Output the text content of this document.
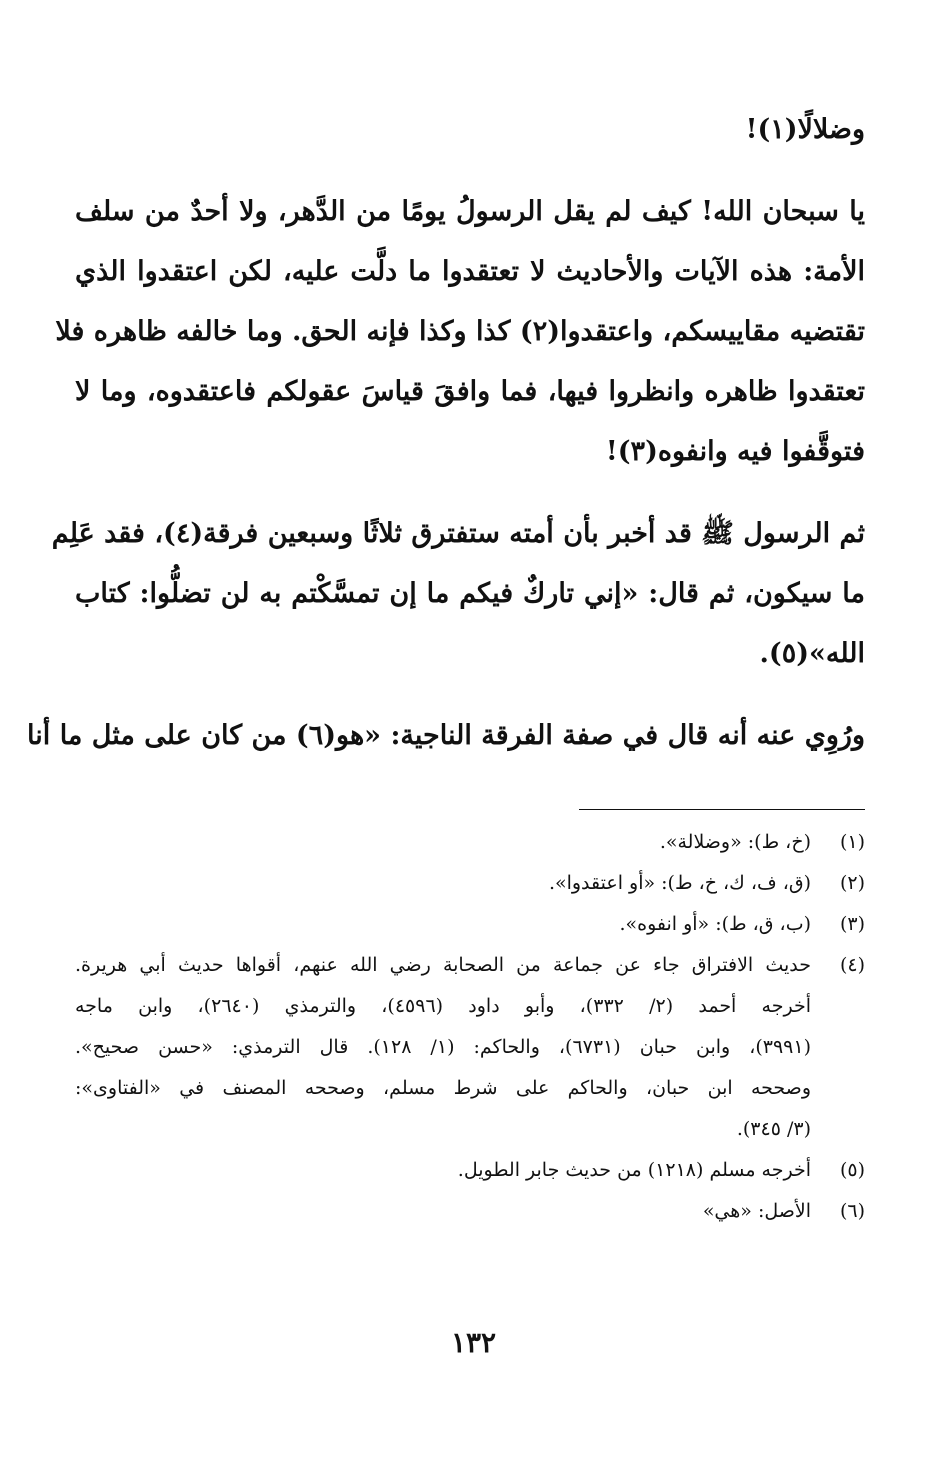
وضلالًا(١)!
يا سبحان الله! كيف لم يقل الرسولُ يومًا من الدَّهر، ولا أحدٌ من سلف
الأمة: هذه الآيات والأحاديث لا تعتقدوا ما دلَّت عليه، لكن اعتقدوا الذي
تقتضيه مقاييسكم، واعتقدوا(٢) كذا وكذا فإنه الحق. وما خالفه ظاهره فلا
تعتقدوا ظاهره وانظروا فيها، فما وافقَ قياسَ عقولكم فاعتقدوه، وما لا
فتوقَّفوا فيه وانفوه(٣)!
ثم الرسول ﷺ قد أخبر بأن أمته ستفترق ثلاثًا وسبعين فرقة(٤)، فقد عَلِم
ما سيكون، ثم قال: «إني تاركٌ فيكم ما إن تمسَّكْتم به لن تضلُّوا: كتاب
الله»(٥).
ورُوِي عنه أنه قال في صفة الفرقة الناجية: «هو(٦) من كان على مثل ما أنا
(١)
(خ، ط): «وضلالة».
(٢)
(ق، ف، ك، خ، ط): «أو اعتقدوا».
(٣)
(ب، ق، ط): «أو انفوه».
(٤)
حديث الافتراق جاء عن جماعة من الصحابة رضي الله عنهم، أقواها حديث أبي هريرة.
أخرجه أحمد (٢/ ٣٣٢)، وأبو داود (٤٥٩٦)، والترمذي (٢٦٤٠)، وابن ماجه
(٣٩٩١)، وابن حبان (٦٧٣١)، والحاكم: (١/ ١٢٨). قال الترمذي: «حسن صحيح».
وصححه ابن حبان، والحاكم على شرط مسلم، وصححه المصنف في «الفتاوى»:
(٣/ ٣٤٥).
(٥)
أخرجه مسلم (١٢١٨) من حديث جابر الطويل.
(٦)
الأصل: «هي»
١٣٢
